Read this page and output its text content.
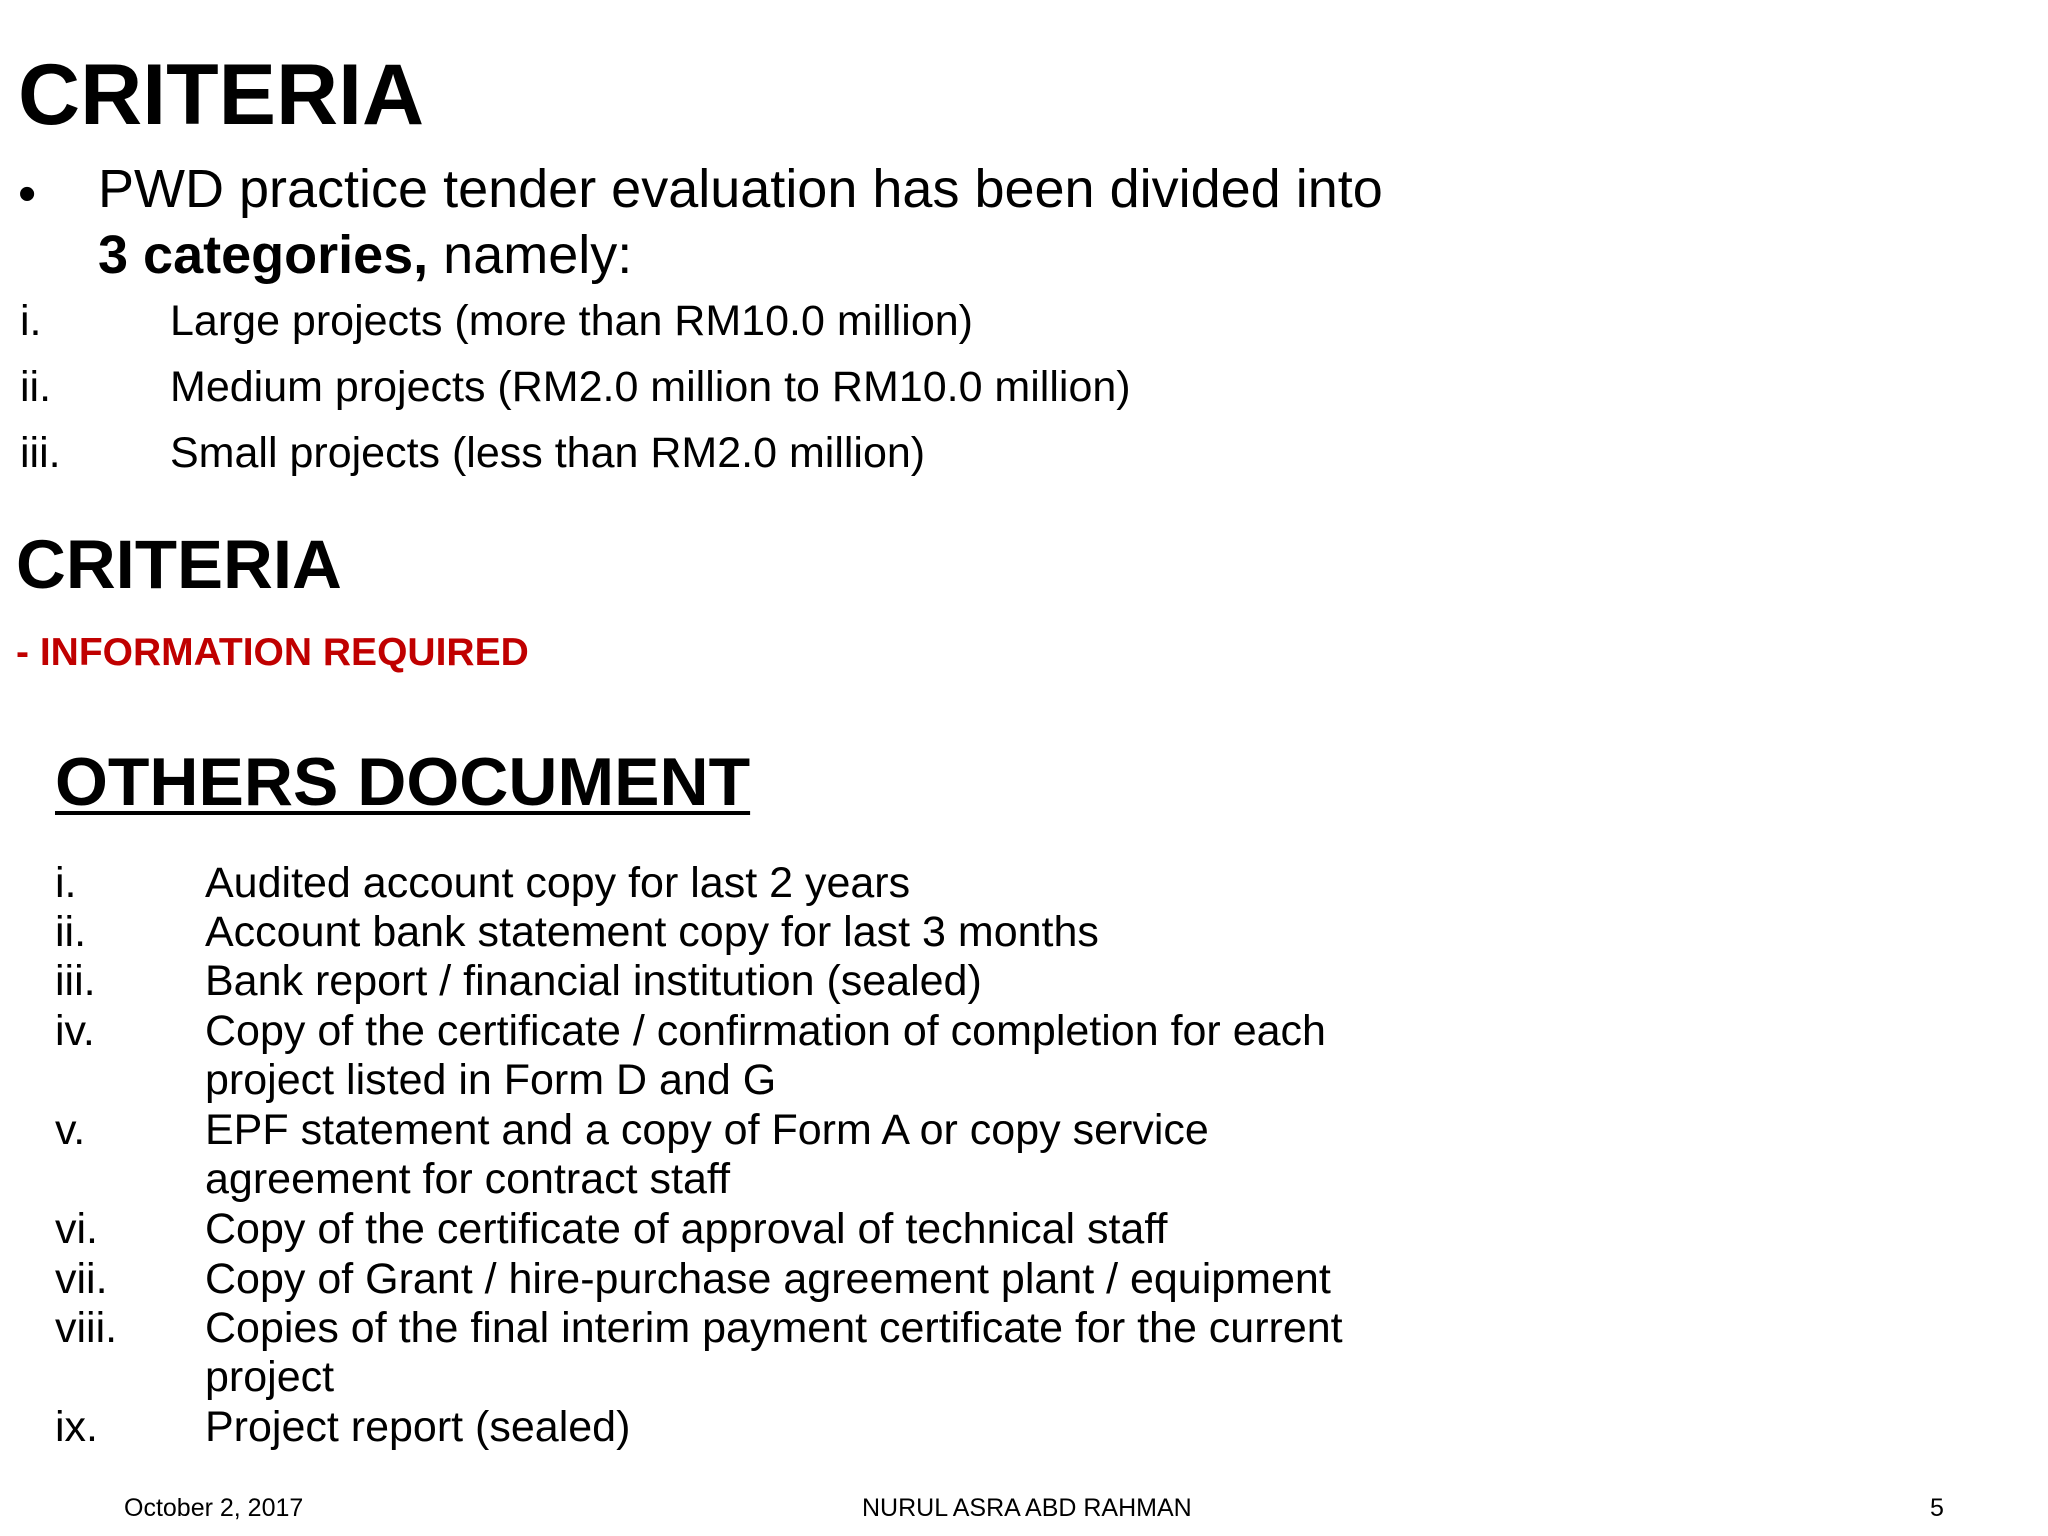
CRITERIA
• PWD practice tender evaluation has been divided into
3 categories, namely:
i.	Large projects (more than RM10.0 million)
ii.	Medium projects (RM2.0 million to RM10.0 million)
iii.	Small projects (less than RM2.0 million)
CRITERIA
- INFORMATION REQUIRED
OTHERS DOCUMENT
i.	Audited account copy for last 2 years
ii.	Account bank statement copy for last 3 months
iii.	Bank report / financial institution (sealed)
iv.	Copy of the certificate / confirmation of completion for each
project listed in Form D and G
v.	EPF statement and a copy of Form A or copy service
agreement for contract staff
vi. Copy of the certificate of approval of technical staff
vii. Copy of Grant / hire-purchase agreement plant / equipment
viii. Copies of the final interim payment certificate for the current
project
ix. Project report (sealed)
October 2, 2017	NURUL ASRA ABD RAHMAN	5
